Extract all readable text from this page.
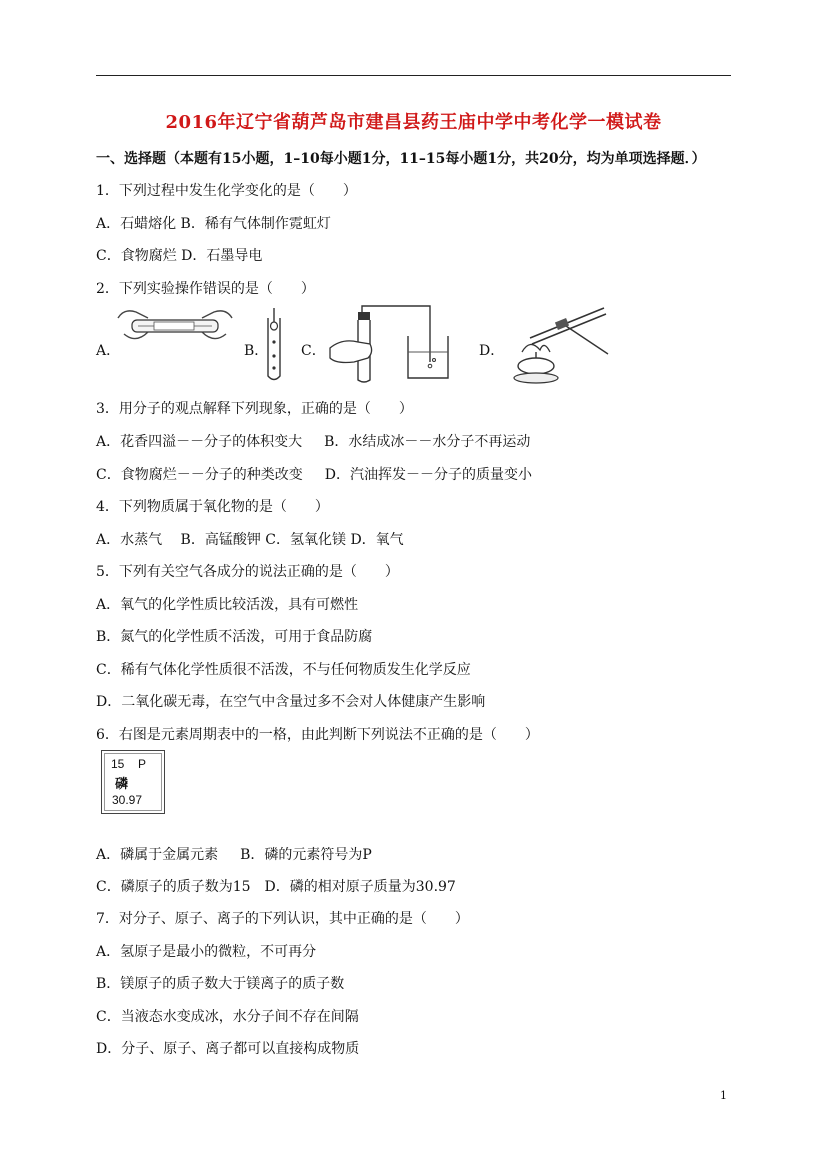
2016年辽宁省葫芦岛市建昌县药王庙中学中考化学一模试卷
一、选择题（本题有15小题，1–10每小题1分，11–15每小题1分，共20分，均为单项选择题．）
1．下列过程中发生化学变化的是（　　）
A．石蜡熔化 B．稀有气体制作霓虹灯
C．食物腐烂 D．石墨导电
2．下列实验操作错误的是（　　）
A．	B． C．	D．
3．用分子的观点解释下列现象，正确的是（　　）
A．花香四溢－－分子的体积变大 B．水结成冰－－水分子不再运动
C．食物腐烂－－分子的种类改变 D．汽油挥发－－分子的质量变小
4．下列物质属于氧化物的是（　　）
A．水蒸气　 B．高锰酸钾 C．氢氧化镁 D．氧气
5．下列有关空气各成分的说法正确的是（　　）
A．氧气的化学性质比较活泼，具有可燃性
B．氮气的化学性质不活泼，可用于食品防腐
C．稀有气体化学性质很不活泼，不与任何物质发生化学反应
D．二氧化碳无毒，在空气中含量过多不会对人体健康产生影响
6．右图是元素周期表中的一格，由此判断下列说法不正确的是（　　）
15 P
磷
30.97
A．磷属于金属元素 B．磷的元素符号为P
C．磷原子的质子数为15　D．磷的相对原子质量为30.97
7．对分子、原子、离子的下列认识，其中正确的是（　　）
A．氢原子是最小的微粒，不可再分
B．镁原子的质子数大于镁离子的质子数
C．当液态水变成冰，水分子间不存在间隔
D．分子、原子、离子都可以直接构成物质
1
